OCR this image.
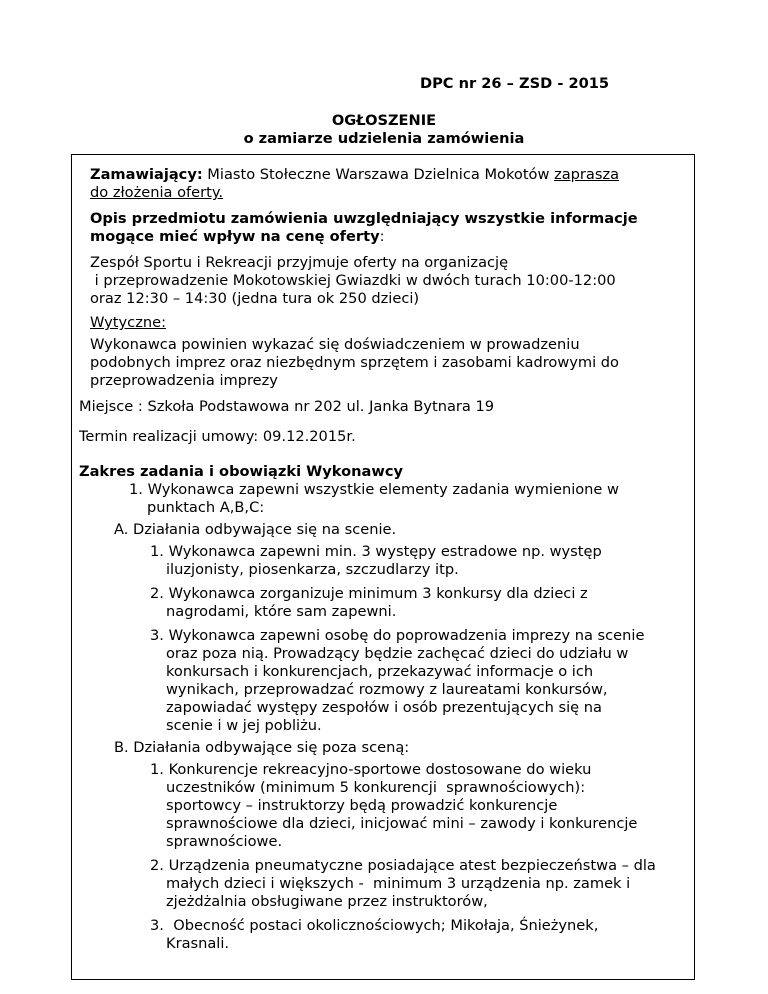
DPC nr 26 – ZSD - 2015
OGŁOSZENIE
o zamiarze udzielenia zamówienia
Zamawiający: Miasto Stołeczne Warszawa Dzielnica Mokotów zaprasza
do złożenia oferty.
Opis przedmiotu zamówienia uwzględniający wszystkie informacje
mogące mieć wpływ na cenę oferty:
Zespół Sportu i Rekreacji przyjmuje oferty na organizację
i przeprowadzenie Mokotowskiej Gwiazdki w dwóch turach 10:00-12:00
oraz 12:30 – 14:30 (jedna tura ok 250 dzieci)
Wytyczne:
Wykonawca powinien wykazać się doświadczeniem w prowadzeniu
podobnych imprez oraz niezbędnym sprzętem i zasobami kadrowymi do
przeprowadzenia imprezy
Miejsce : Szkoła Podstawowa nr 202 ul. Janka Bytnara 19
Termin realizacji umowy: 09.12.2015r.
Zakres zadania i obowiązki Wykonawcy
1. Wykonawca zapewni wszystkie elementy zadania wymienione w
punktach A,B,C:
A. Działania odbywające się na scenie.
1. Wykonawca zapewni min. 3 występy estradowe np. występ
iluzjonisty, piosenkarza, szczudlarzy itp.
2. Wykonawca zorganizuje minimum 3 konkursy dla dzieci z
nagrodami, które sam zapewni.
3. Wykonawca zapewni osobę do poprowadzenia imprezy na scenie
oraz poza nią. Prowadzący będzie zachęcać dzieci do udziału w
konkursach i konkurencjach, przekazywać informacje o ich
wynikach, przeprowadzać rozmowy z laureatami konkursów,
zapowiadać występy zespołów i osób prezentujących się na
scenie i w jej pobliżu.
B. Działania odbywające się poza sceną:
1. Konkurencje rekreacyjno-sportowe dostosowane do wieku
uczestników (minimum 5 konkurencji  sprawnościowych):
sportowcy – instruktorzy będą prowadzić konkurencje
sprawnościowe dla dzieci, inicjować mini – zawody i konkurencje
sprawnościowe.
2. Urządzenia pneumatyczne posiadające atest bezpieczeństwa – dla
małych dzieci i większych -  minimum 3 urządzenia np. zamek i
zjeżdżalnia obsługiwane przez instruktorów,
3.  Obecność postaci okolicznościowych; Mikołaja, Śnieżynek,
Krasnali.
